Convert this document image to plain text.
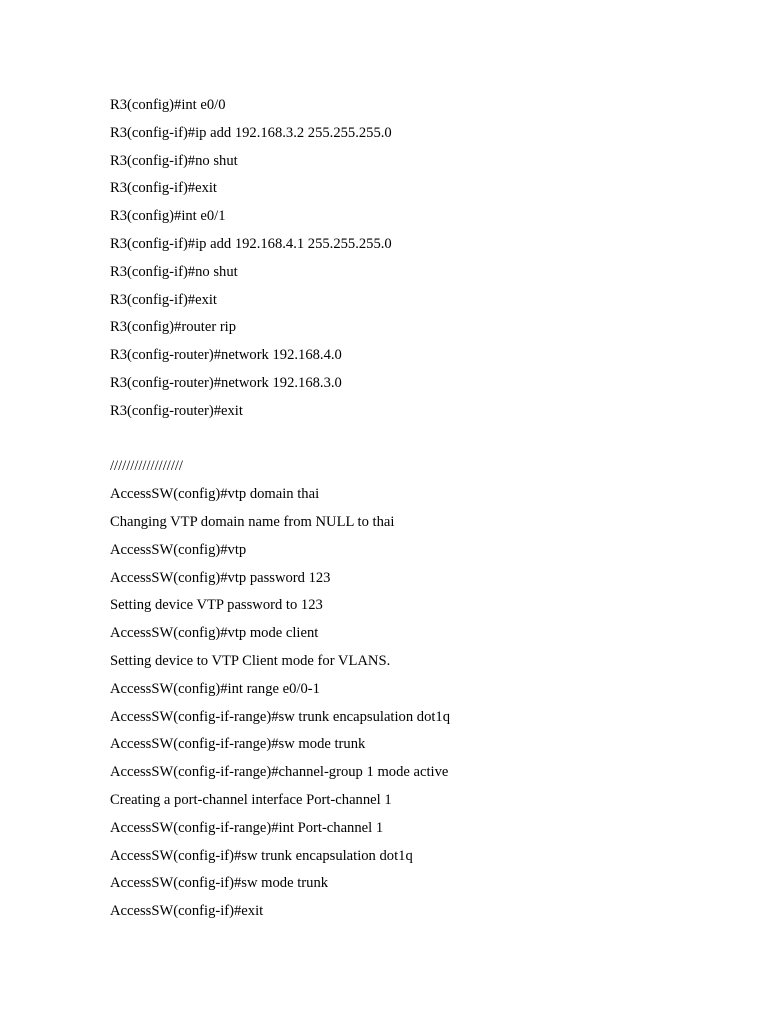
R3(config)#int e0/0
R3(config-if)#ip add 192.168.3.2 255.255.255.0
R3(config-if)#no shut
R3(config-if)#exit
R3(config)#int e0/1
R3(config-if)#ip add 192.168.4.1 255.255.255.0
R3(config-if)#no shut
R3(config-if)#exit
R3(config)#router rip
R3(config-router)#network 192.168.4.0
R3(config-router)#network 192.168.3.0
R3(config-router)#exit
//////////////////
AccessSW(config)#vtp domain thai
Changing VTP domain name from NULL to thai
AccessSW(config)#vtp
AccessSW(config)#vtp password 123
Setting device VTP password to 123
AccessSW(config)#vtp mode client
Setting device to VTP Client mode for VLANS.
AccessSW(config)#int range e0/0-1
AccessSW(config-if-range)#sw trunk encapsulation dot1q
AccessSW(config-if-range)#sw mode trunk
AccessSW(config-if-range)#channel-group 1 mode active
Creating a port-channel interface Port-channel 1
AccessSW(config-if-range)#int Port-channel 1
AccessSW(config-if)#sw trunk encapsulation dot1q
AccessSW(config-if)#sw mode trunk
AccessSW(config-if)#exit
